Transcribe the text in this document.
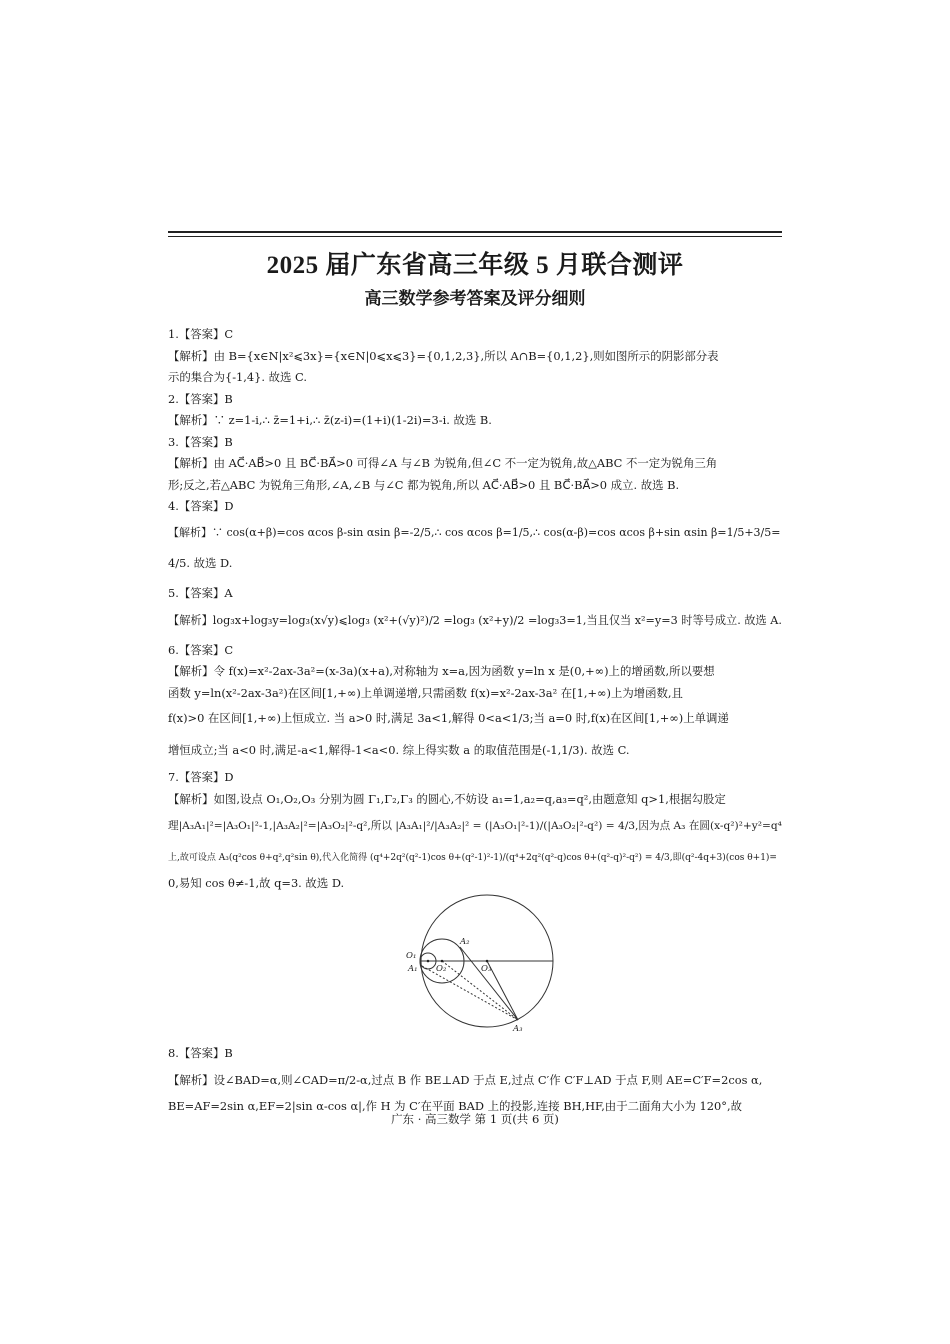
2025 届广东省高三年级 5 月联合测评
高三数学参考答案及评分细则

1.【答案】C

【解析】由 B={x∈N|x²⩽3x}={x∈N|0⩽x⩽3}={0,1,2,3},所以 A∩B={0,1,2},则如图所示的阴影部分表

示的集合为{-1,4}. 故选 C.

2.【答案】B

【解析】∵ z=1-i,∴ z̄=1+i,∴ z̄(z-i)=(1+i)(1-2i)=3-i. 故选 B.

3.【答案】B

【解析】由 AC⃗·AB⃗>0 且 BC⃗·BA⃗>0 可得∠A 与∠B 为锐角,但∠C 不一定为锐角,故△ABC 不一定为锐角三角

形;反之,若△ABC 为锐角三角形,∠A,∠B 与∠C 都为锐角,所以 AC⃗·AB⃗>0 且 BC⃗·BA⃗>0 成立. 故选 B.

4.【答案】D

【解析】∵ cos(α+β)=cos αcos β-sin αsin β=-2/5,∴ cos αcos β=1/5,∴ cos(α-β)=cos αcos β+sin αsin β=1/5+3/5=

4/5. 故选 D.

5.【答案】A

【解析】log₃x+log₃y=log₃(x√y)⩽log₃ (x²+(√y)²)/2 =log₃ (x²+y)/2 =log₃3=1,当且仅当 x²=y=3 时等号成立. 故选 A.

6.【答案】C

【解析】令 f(x)=x²-2ax-3a²=(x-3a)(x+a),对称轴为 x=a,因为函数 y=ln x 是(0,+∞)上的增函数,所以要想

函数 y=ln(x²-2ax-3a²)在区间[1,+∞)上单调递增,只需函数 f(x)=x²-2ax-3a² 在[1,+∞)上为增函数,且

f(x)>0 在区间[1,+∞)上恒成立. 当 a>0 时,满足 3a<1,解得 0<a<1/3;当 a=0 时,f(x)在区间[1,+∞)上单调递

增恒成立;当 a<0 时,满足-a<1,解得-1<a<0. 综上得实数 a 的取值范围是(-1,1/3). 故选 C.

7.【答案】D

【解析】如图,设点 O₁,O₂,O₃ 分别为圆 Γ₁,Γ₂,Γ₃ 的圆心,不妨设 a₁=1,a₂=q,a₃=q²,由题意知 q>1,根据勾股定

理|A₃A₁|²=|A₃O₁|²-1,|A₃A₂|²=|A₃O₂|²-q²,所以 |A₃A₁|²/|A₃A₂|² = (|A₃O₁|²-1)/(|A₃O₂|²-q²) = 4/3,因为点 A₃ 在圆(x-q²)²+y²=q⁴

上,故可设点 A₃(q²cos θ+q²,q²sin θ),代入化简得 (q⁴+2q²(q²-1)cos θ+(q²-1)²-1)/(q⁴+2q²(q²-q)cos θ+(q²-q)²-q²) = 4/3,即(q²-4q+3)(cos θ+1)=

0,易知 cos θ≠-1,故 q=3. 故选 D.

8.【答案】B

【解析】设∠BAD=α,则∠CAD=π/2-α,过点 B 作 BE⊥AD 于点 E,过点 C′作 C′F⊥AD 于点 F,则 AE=C′F=2cos α,

BE=AF=2sin α,EF=2|sin α-cos α|,作 H 为 C′在平面 BAD 上的投影,连接 BH,HF,由于二面角大小为 120°,故

O₁
A₁ O₂
A₂
O₃
A₃
广东 · 高三数学 第 1 页(共 6 页)
